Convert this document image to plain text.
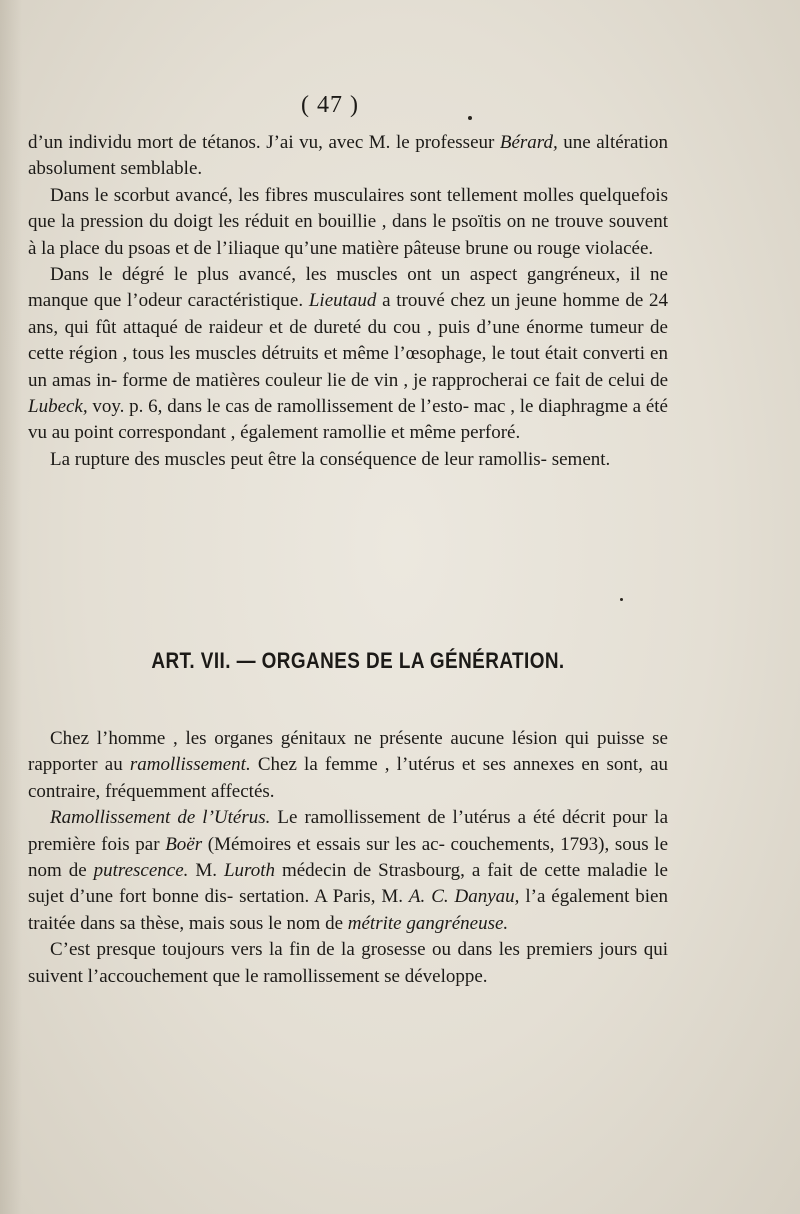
( 47 )

d’un individu mort de tétanos. J’ai vu, avec M. le professeur Bérard, une altération absolument semblable.

Dans le scorbut avancé, les fibres musculaires sont tellement molles quelquefois que la pression du doigt les réduit en bouillie , dans le psoïtis on ne trouve souvent à la place du psoas et de l’iliaque qu’une matière pâteuse brune ou rouge violacée.

Dans le dégré le plus avancé, les muscles ont un aspect gangréneux, il ne manque que l’odeur caractéristique. Lieutaud a trouvé chez un jeune homme de 24 ans, qui fût attaqué de raideur et de dureté du cou , puis d’une énorme tumeur de cette région , tous les muscles détruits et même l’œsophage, le tout était converti en un amas in- forme de matières couleur lie de vin , je rapprocherai ce fait de celui de Lubeck, voy. p. 6, dans le cas de ramollissement de l’esto- mac , le diaphragme a été vu au point correspondant , également ramollie et même perforé.

La rupture des muscles peut être la conséquence de leur ramollis- sement.

ART. VII. — ORGANES DE LA GÉNÉRATION.

Chez l’homme , les organes génitaux ne présente aucune lésion qui puisse se rapporter au ramollissement. Chez la femme , l’utérus et ses annexes en sont, au contraire, fréquemment affectés.

Ramollissement de l’Utérus. Le ramollissement de l’utérus a été décrit pour la première fois par Boër (Mémoires et essais sur les ac- couchements, 1793), sous le nom de putrescence. M. Luroth médecin de Strasbourg, a fait de cette maladie le sujet d’une fort bonne dis- sertation. A Paris, M. A. C. Danyau, l’a également bien traitée dans sa thèse, mais sous le nom de métrite gangréneuse.

C’est presque toujours vers la fin de la grosesse ou dans les premiers jours qui suivent l’accouchement que le ramollissement se développe.
